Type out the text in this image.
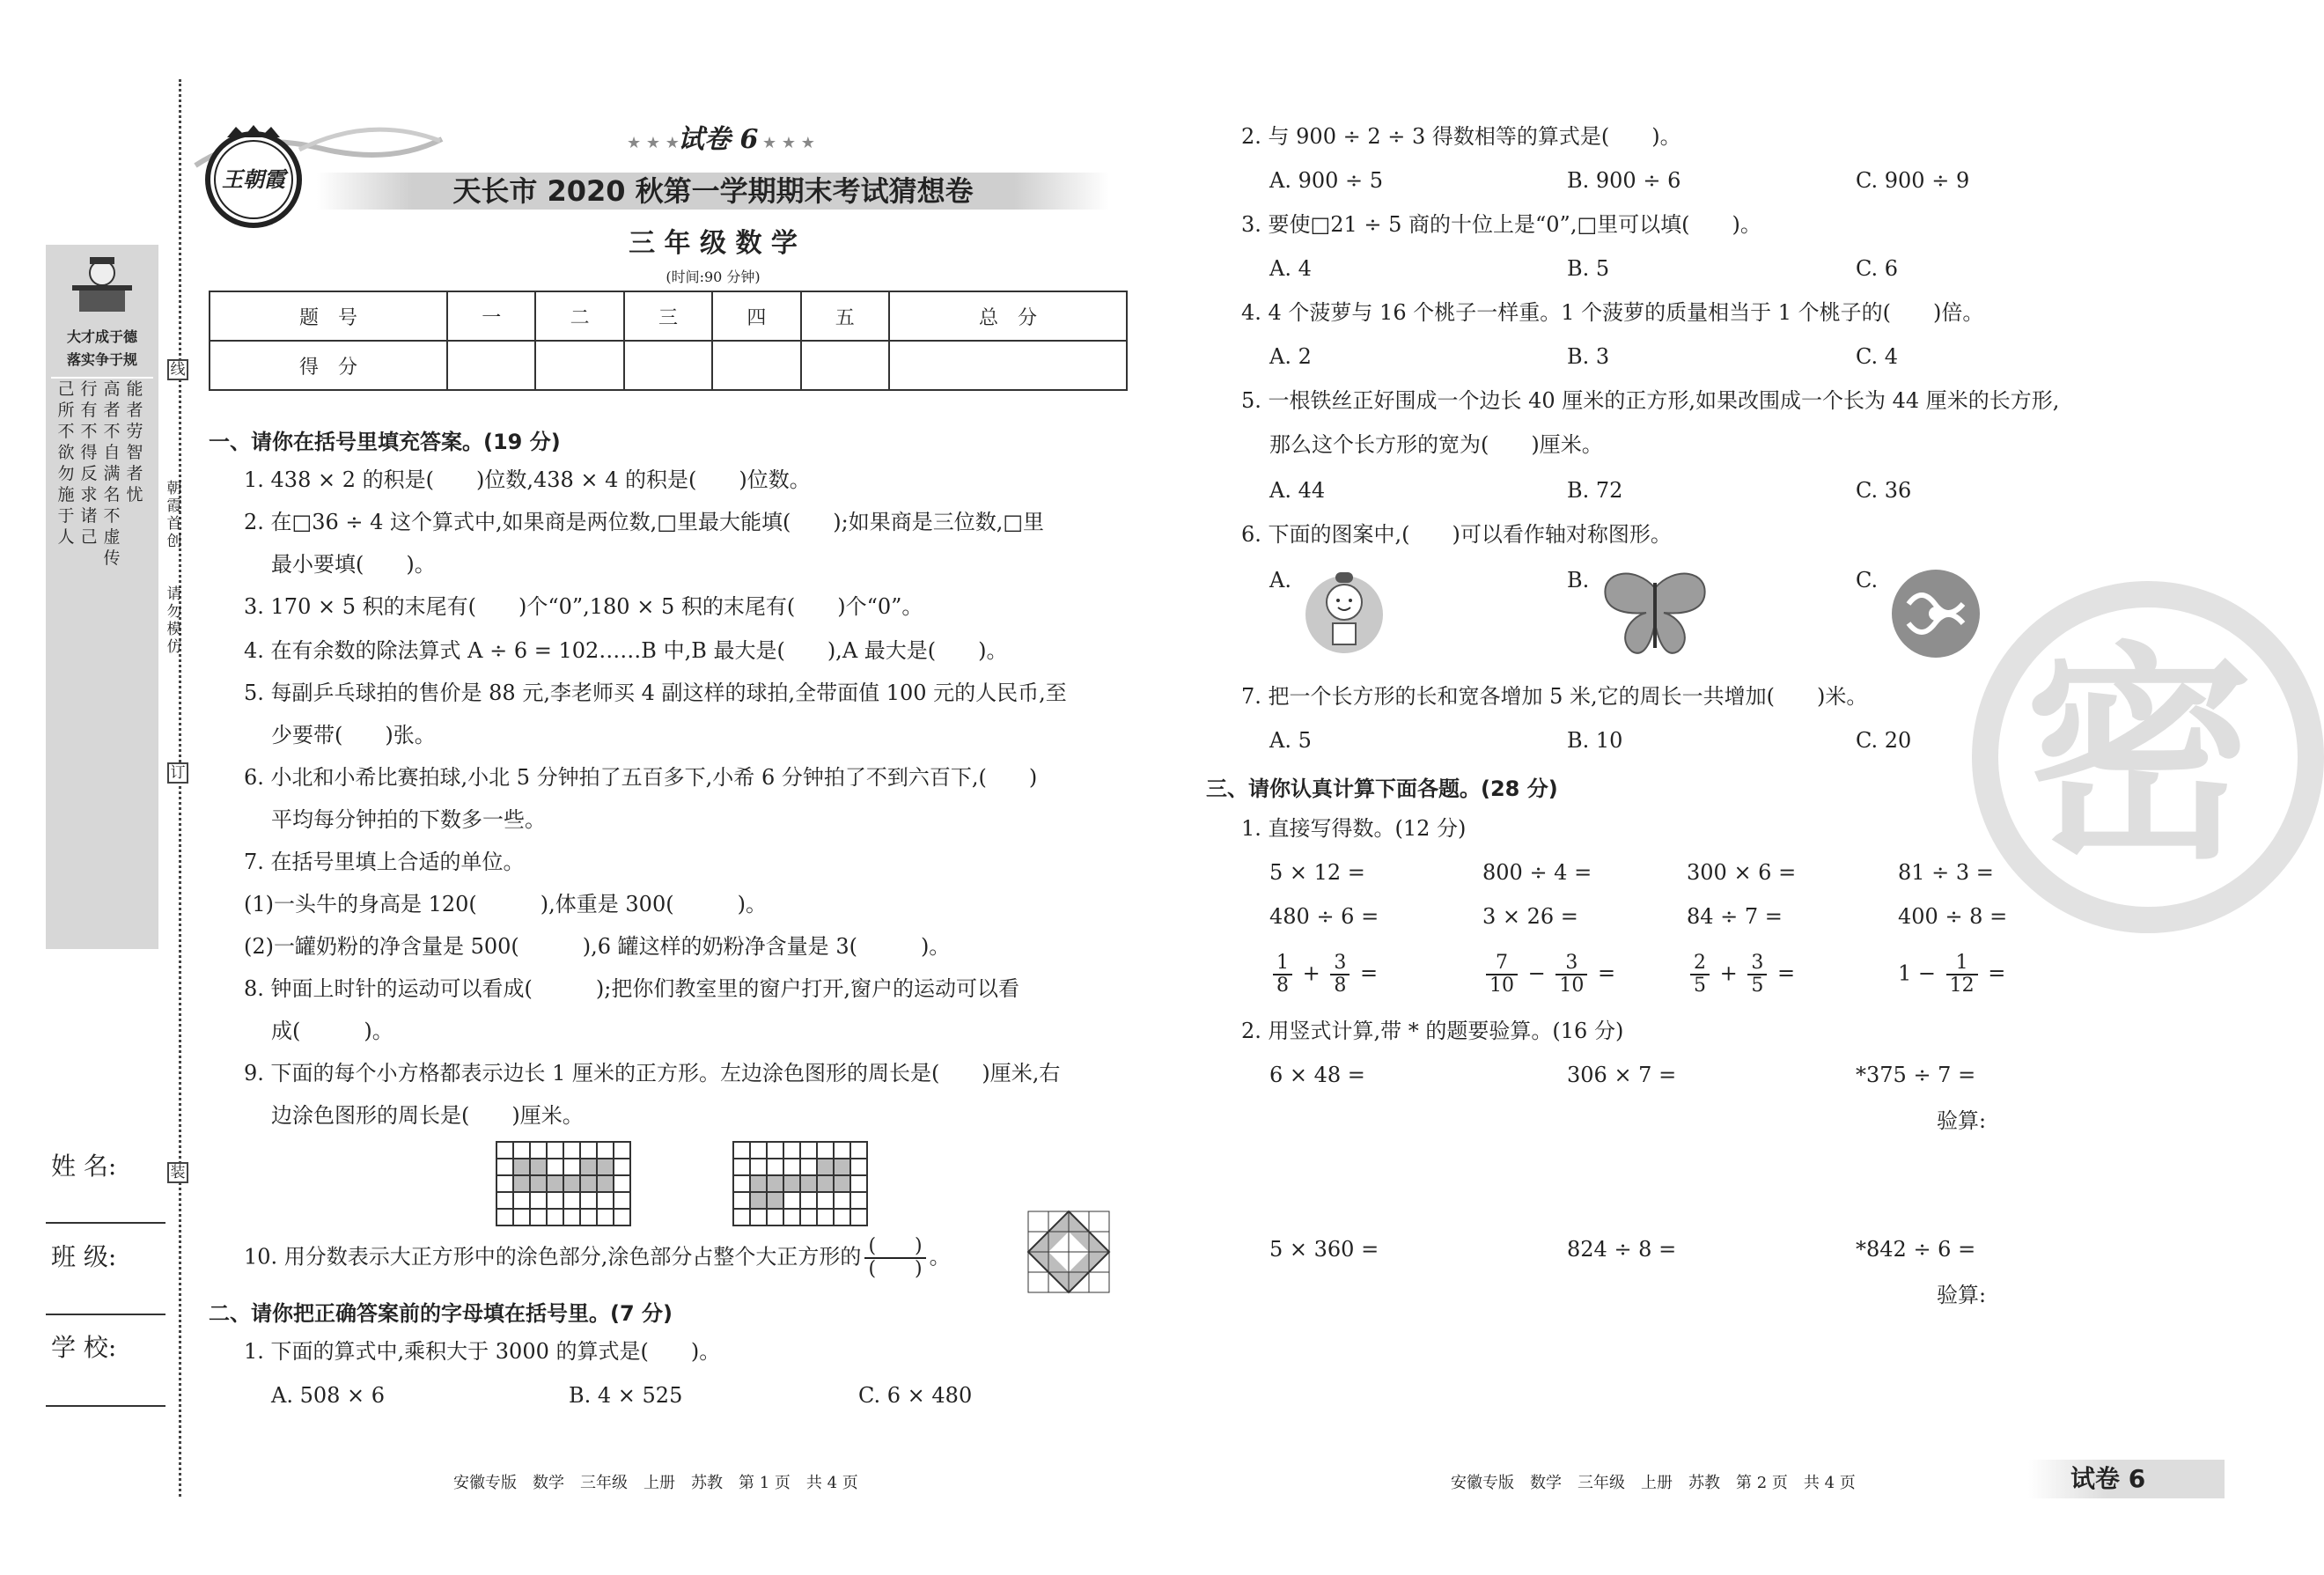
大才成于德
落实争于规
己所不欲勿施于人
行有不得反求诸己
高者不自满名不虚传
能者劳智者忧
线
朝霞首创
请勿模仿
订
装
姓 名:
班 级:
学 校:
王朝霞
★ ★ ★
试卷 6 ★ ★ ★
天长市 2020 秋第一学期期末考试猜想卷
三 年 级 数 学
(时间:90 分钟)
题　号	一	二	三	四	五	总　分
得　分						
一、请你在括号里填充答案。(19 分)
1. 438 × 2 的积是(　　)位数,438 × 4 的积是(　　)位数。
2. 在□36 ÷ 4 这个算式中,如果商是两位数,□里最大能填(　　);如果商是三位数,□里
最小要填(　　)。
3. 170 × 5 积的末尾有(　　)个“0”,180 × 5 积的末尾有(　　)个“0”。
4. 在有余数的除法算式 A ÷ 6 = 102……B 中,B 最大是(　　),A 最大是(　　)。
5. 每副乒乓球拍的售价是 88 元,李老师买 4 副这样的球拍,全带面值 100 元的人民币,至
少要带(　　)张。
6. 小北和小希比赛拍球,小北 5 分钟拍了五百多下,小希 6 分钟拍了不到六百下,(　　)
平均每分钟拍的下数多一些。
7. 在括号里填上合适的单位。
(1)一头牛的身高是 120(　　　),体重是 300(　　　)。
(2)一罐奶粉的净含量是 500(　　　),6 罐这样的奶粉净含量是 3(　　　)。
8. 钟面上时针的运动可以看成(　　　);把你们教室里的窗户打开,窗户的运动可以看
成(　　　)。
9. 下面的每个小方格都表示边长 1 厘米的正方形。左边涂色图形的周长是(　　)厘米,右
边涂色图形的周长是(　　)厘米。
10. 用分数表示大正方形中的涂色部分,涂色部分占整个大正方形的 $\frac{( )}{( )}$ 。
二、请你把正确答案前的字母填在括号里。(7 分)
1. 下面的算式中,乘积大于 3000 的算式是(　　)。
A. 508 × 6	B. 4 × 525	C. 6 × 480
安徽专版　数学　三年级　上册　苏教　第 1 页　共 4 页
密
2. 与 900 ÷ 2 ÷ 3 得数相等的算式是(　　)。
A. 900 ÷ 5	B. 900 ÷ 6	C. 900 ÷ 9
3. 要使□21 ÷ 5 商的十位上是“0”,□里可以填(　　)。
A. 4	B. 5	C. 6
4. 4 个菠萝与 16 个桃子一样重。1 个菠萝的质量相当于 1 个桃子的(　　)倍。
A. 2	B. 3	C. 4
5. 一根铁丝正好围成一个边长 40 厘米的正方形,如果改围成一个长为 44 厘米的长方形,
那么这个长方形的宽为(　　)厘米。
A. 44	B. 72	C. 36
6. 下面的图案中,(　　)可以看作轴对称图形。
A.	B.	C.
7. 把一个长方形的长和宽各增加 5 米,它的周长一共增加(　　)米。
A. 5	B. 10	C. 20
三、请你认真计算下面各题。(28 分)
1. 直接写得数。(12 分)
5 × 12 =	800 ÷ 4 =	300 × 6 =	81 ÷ 3 =
480 ÷ 6 =	3 × 26 =	84 ÷ 7 =	400 ÷ 8 =
$\frac{1}{8} + \frac{3}{8}$ =	$\frac{7}{10} - \frac{3}{10}$ =	$\frac{2}{5} + \frac{3}{5}$ =	$1 - \frac{1}{12}$ =
2. 用竖式计算,带 * 的题要验算。(16 分)
6 × 48 =	306 × 7 =	*375 ÷ 7 =
验算:
5 × 360 =	824 ÷ 8 =	*842 ÷ 6 =
验算:
安徽专版　数学　三年级　上册　苏教　第 2 页　共 4 页	试卷 6
